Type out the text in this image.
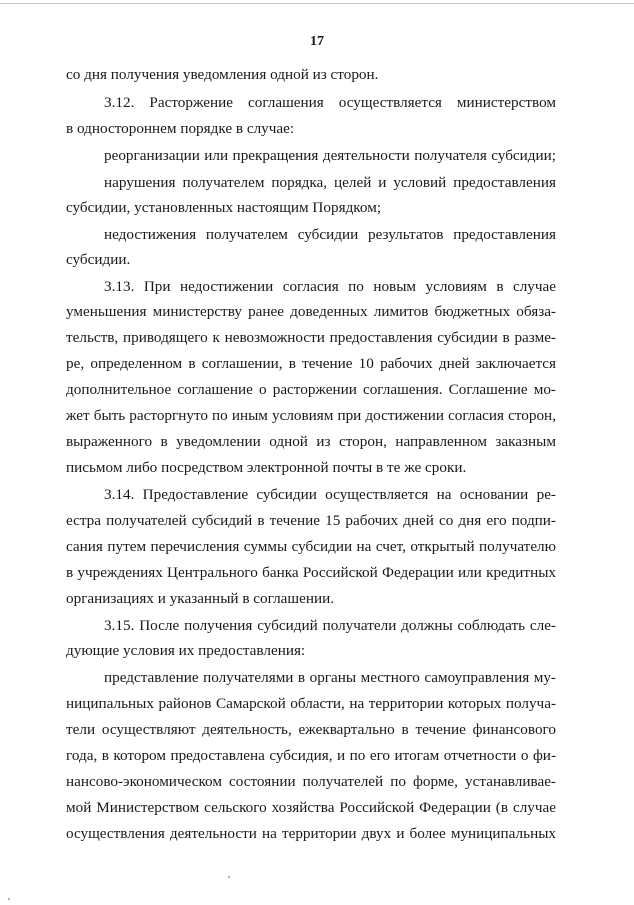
17
со дня получения уведомления одной из сторон.
3.12. Расторжение соглашения осуществляется министерством
в одностороннем порядке в случае:
реорганизации или прекращения деятельности получателя субсидии;
нарушения получателем порядка, целей и условий предоставления
субсидии, установленных настоящим Порядком;
недостижения получателем субсидии результатов предоставления
субсидии.
3.13. При недостижении согласия по новым условиям в случае
уменьшения министерству ранее доведенных лимитов бюджетных обяза-
тельств, приводящего к невозможности предоставления субсидии в разме-
ре, определенном в соглашении, в течение 10 рабочих дней заключается
дополнительное соглашение о расторжении соглашения. Соглашение мо-
жет быть расторгнуто по иным условиям при достижении согласия сторон,
выраженного в уведомлении одной из сторон, направленном заказным
письмом либо посредством электронной почты в те же сроки.
3.14. Предоставление субсидии осуществляется на основании ре-
естра получателей субсидий в течение 15 рабочих дней со дня его подпи-
сания путем перечисления суммы субсидии на счет, открытый получателю
в учреждениях Центрального банка Российской Федерации или кредитных
организациях и указанный в соглашении.
3.15. После получения субсидий получатели должны соблюдать сле-
дующие условия их предоставления:
представление получателями в органы местного самоуправления му-
ниципальных районов Самарской области, на территории которых получа-
тели осуществляют деятельность, ежеквартально в течение финансового
года, в котором предоставлена субсидия, и по его итогам отчетности о фи-
нансово-экономическом состоянии получателей по форме, устанавливае-
мой Министерством сельского хозяйства Российской Федерации (в случае
осуществления деятельности на территории двух и более муниципальных
